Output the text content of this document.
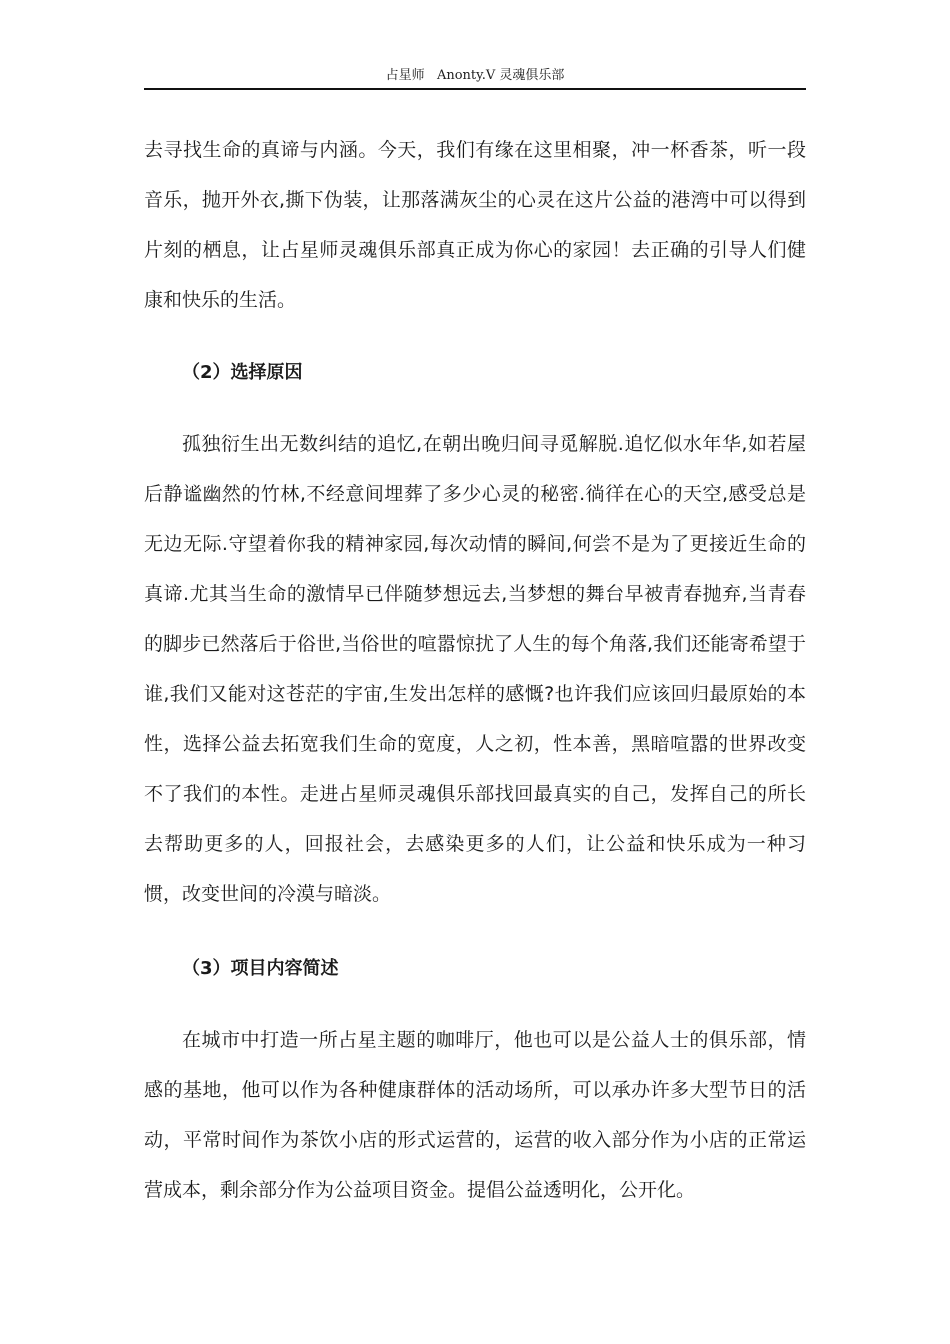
占星师   Anonty.V 灵魂俱乐部

去寻找生命的真谛与内涵。今天，我们有缘在这里相聚，冲一杯香茶，听一段音乐，抛开外衣,撕下伪装，让那落满灰尘的心灵在这片公益的港湾中可以得到片刻的栖息，让占星师灵魂俱乐部真正成为你心的家园！去正确的引导人们健康和快乐的生活。

（2）选择原因

孤独衍生出无数纠结的追忆,在朝出晚归间寻觅解脱.追忆似水年华,如若屋后静谧幽然的竹林,不经意间埋葬了多少心灵的秘密.徜徉在心的天空,感受总是无边无际.守望着你我的精神家园,每次动情的瞬间,何尝不是为了更接近生命的真谛.尤其当生命的激情早已伴随梦想远去,当梦想的舞台早被青春抛弃,当青春的脚步已然落后于俗世,当俗世的喧嚣惊扰了人生的每个角落,我们还能寄希望于谁,我们又能对这苍茫的宇宙,生发出怎样的感慨?也许我们应该回归最原始的本性，选择公益去拓宽我们生命的宽度，人之初，性本善，黑暗喧嚣的世界改变不了我们的本性。走进占星师灵魂俱乐部找回最真实的自己，发挥自己的所长去帮助更多的人，回报社会，去感染更多的人们，让公益和快乐成为一种习惯，改变世间的冷漠与暗淡。

（3）项目内容简述

在城市中打造一所占星主题的咖啡厅，他也可以是公益人士的俱乐部，情感的基地，他可以作为各种健康群体的活动场所，可以承办许多大型节日的活动，平常时间作为茶饮小店的形式运营的，运营的收入部分作为小店的正常运营成本，剩余部分作为公益项目资金。提倡公益透明化，公开化。
